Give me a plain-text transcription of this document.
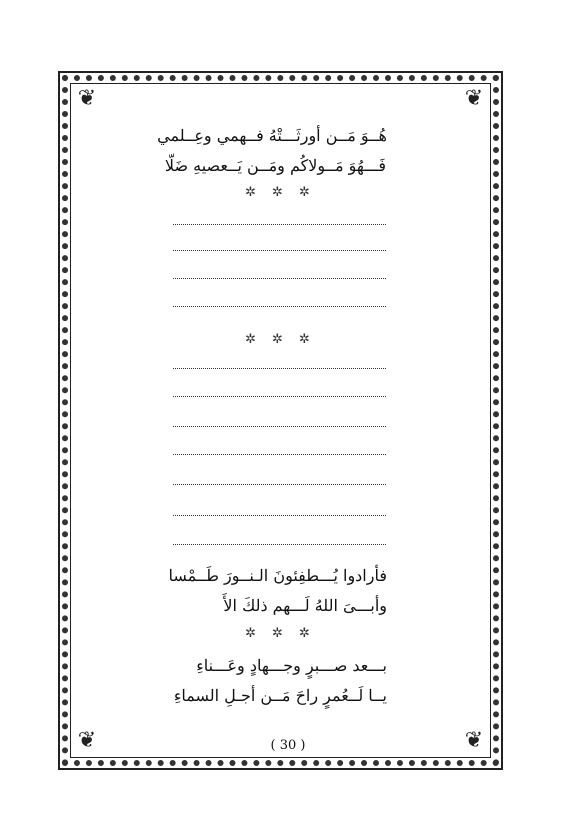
❦	❦
❦	❦
هُــوَ مَــن أورثَـــتْهُ فــهمي وعِــلمي
فَـــهُوَ مَــولاكُم ومَــن يَــعصيهِ ضَلّا
✲ ✲ ✲
✲ ✲ ✲
فأرادوا يُـــطفِئونَ الـنــورَ طَــمْسا
وأبـــىَ اللهُ لَـــهم ذلكَ الأَ
✲ ✲ ✲
بـــعد صـــبرٍ وجـــهادٍ وعَـــناءِ
يــا لَــعُمرٍ راحَ مَــن أجـلِ السماءِ
( 30 )
